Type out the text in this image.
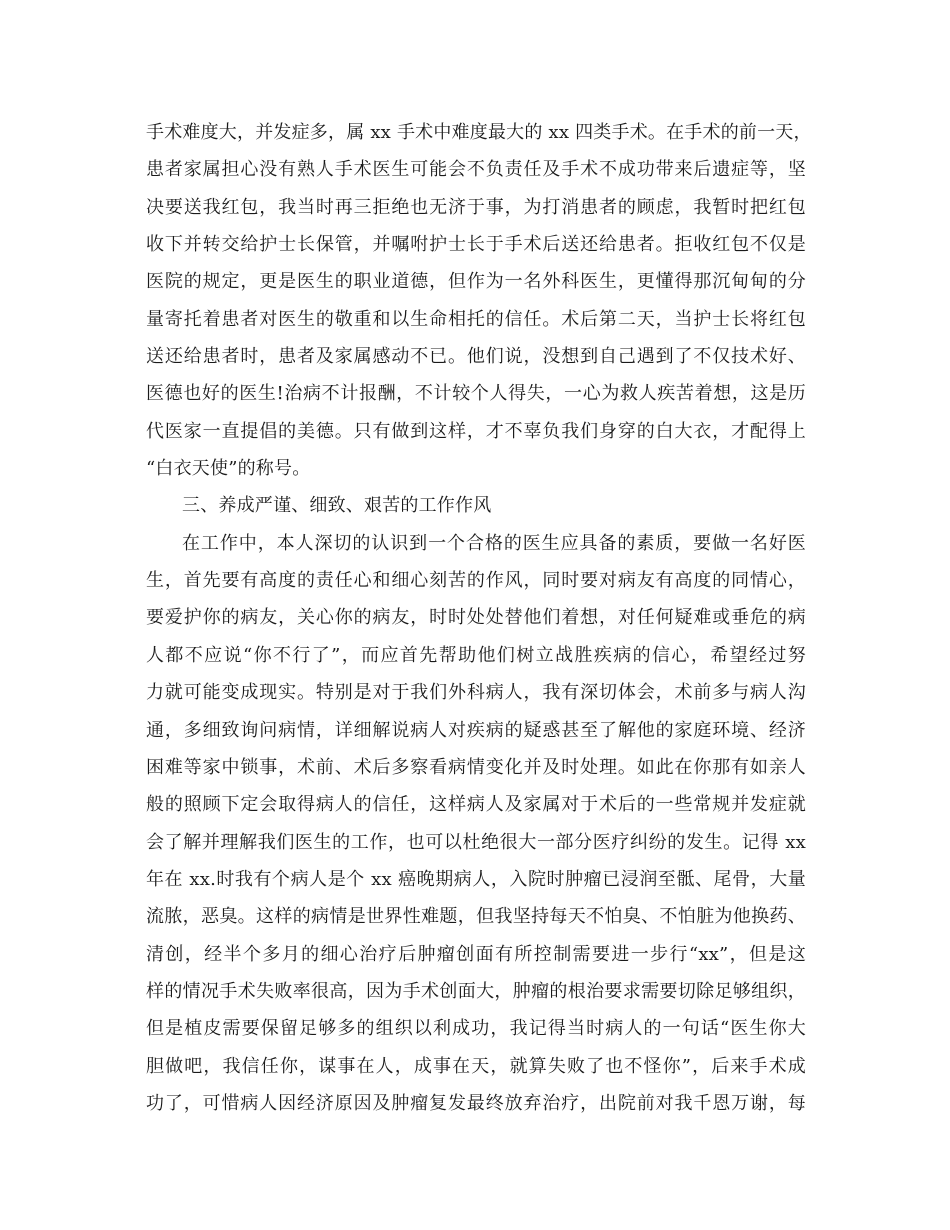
手术难度大，并发症多，属 xx 手术中难度最大的 xx 四类手术。在手术的前一天，
患者家属担心没有熟人手术医生可能会不负责任及手术不成功带来后遗症等，坚
决要送我红包，我当时再三拒绝也无济于事，为打消患者的顾虑，我暂时把红包
收下并转交给护士长保管，并嘱咐护士长于手术后送还给患者。拒收红包不仅是
医院的规定，更是医生的职业道德，但作为一名外科医生，更懂得那沉甸甸的分
量寄托着患者对医生的敬重和以生命相托的信任。术后第二天，当护士长将红包
送还给患者时，患者及家属感动不已。他们说，没想到自己遇到了不仅技术好、
医德也好的医生!治病不计报酬，不计较个人得失，一心为救人疾苦着想，这是历
代医家一直提倡的美德。只有做到这样，才不辜负我们身穿的白大衣，才配得上
“白衣天使”的称号。
三、养成严谨、细致、艰苦的工作作风
在工作中，本人深切的认识到一个合格的医生应具备的素质，要做一名好医
生，首先要有高度的责任心和细心刻苦的作风，同时要对病友有高度的同情心，
要爱护你的病友，关心你的病友，时时处处替他们着想，对任何疑难或垂危的病
人都不应说“你不行了”，而应首先帮助他们树立战胜疾病的信心，希望经过努
力就可能变成现实。特别是对于我们外科病人，我有深切体会，术前多与病人沟
通，多细致询问病情，详细解说病人对疾病的疑惑甚至了解他的家庭环境、经济
困难等家中锁事，术前、术后多察看病情变化并及时处理。如此在你那有如亲人
般的照顾下定会取得病人的信任，这样病人及家属对于术后的一些常规并发症就
会了解并理解我们医生的工作，也可以杜绝很大一部分医疗纠纷的发生。记得 xx
年在 xx.时我有个病人是个 xx 癌晚期病人，入院时肿瘤已浸润至骶、尾骨，大量
流脓，恶臭。这样的病情是世界性难题，但我坚持每天不怕臭、不怕脏为他换药、
清创，经半个多月的细心治疗后肿瘤创面有所控制需要进一步行“xx”，但是这
样的情况手术失败率很高，因为手术创面大，肿瘤的根治要求需要切除足够组织，
但是植皮需要保留足够多的组织以利成功，我记得当时病人的一句话“医生你大
胆做吧，我信任你，谋事在人，成事在天，就算失败了也不怪你”，后来手术成
功了，可惜病人因经济原因及肿瘤复发最终放弃治疗，出院前对我千恩万谢，每
